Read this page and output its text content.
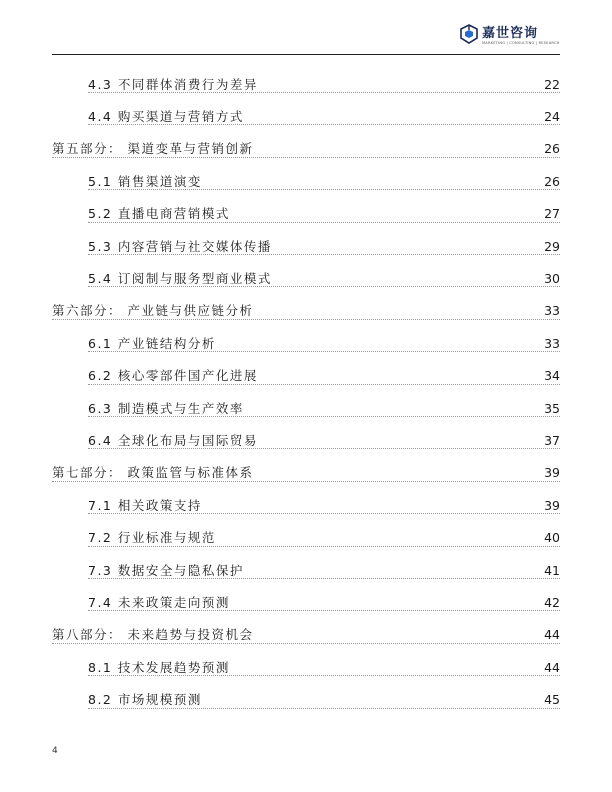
嘉世咨询
MARKETING | CONSULTING | RESEARCH
4.3 不同群体消费行为差异	22
4.4 购买渠道与营销方式	24
第五部分： 渠道变革与营销创新	26
5.1 销售渠道演变	26
5.2 直播电商营销模式	27
5.3 内容营销与社交媒体传播	29
5.4 订阅制与服务型商业模式	30
第六部分： 产业链与供应链分析	33
6.1 产业链结构分析	33
6.2 核心零部件国产化进展	34
6.3 制造模式与生产效率	35
6.4 全球化布局与国际贸易	37
第七部分： 政策监管与标准体系	39
7.1 相关政策支持	39
7.2 行业标准与规范	40
7.3 数据安全与隐私保护	41
7.4 未来政策走向预测	42
第八部分： 未来趋势与投资机会	44
8.1 技术发展趋势预测	44
8.2 市场规模预测	45
4
